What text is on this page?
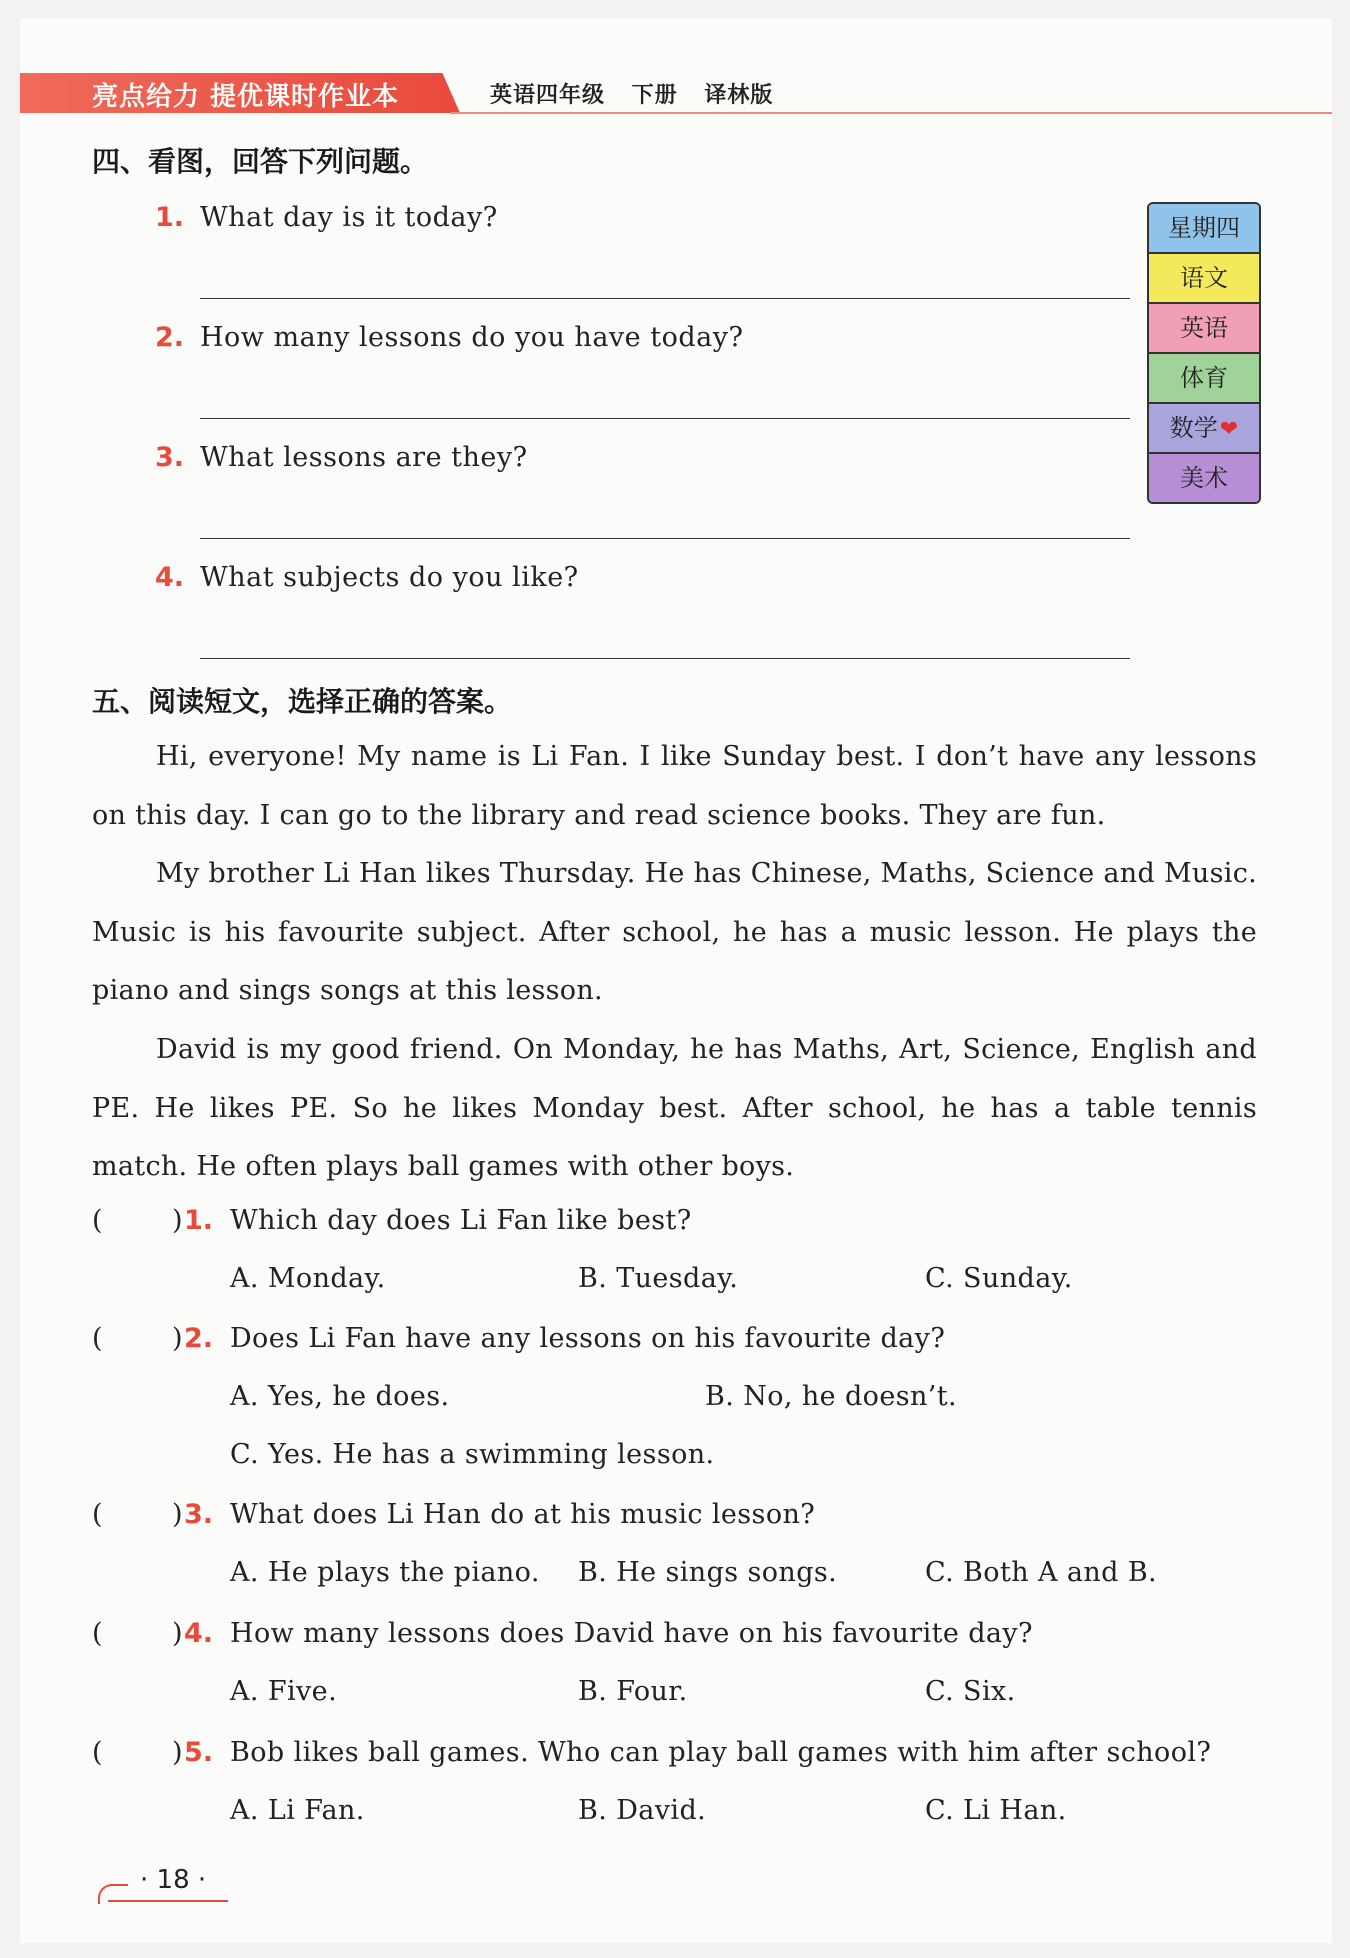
亮点给力 提优课时作业本	英语四年级 下册 译林版
四、看图，回答下列问题。
1. What day is it today?
2. How many lessons do you have today?
3. What lessons are they?
4. What subjects do you like?
星期四
语文
英语
体育
数学❤
美术
五、阅读短文，选择正确的答案。
Hi, everyone! My name is Li Fan. I like Sunday best. I don’t have any lessons on this day. I can go to the library and read science books. They are fun.
My brother Li Han likes Thursday. He has Chinese, Maths, Science and Music. Music is his favourite subject. After school, he has a music lesson. He plays the piano and sings songs at this lesson.
David is my good friend. On Monday, he has Maths, Art, Science, English and PE. He likes PE. So he likes Monday best. After school, he has a table tennis match. He often plays ball games with other boys.
(	) 1. Which day does Li Fan like best?
A. Monday.	B. Tuesday.	C. Sunday.
(	) 2. Does Li Fan have any lessons on his favourite day?
A. Yes, he does.	B. No, he doesn’t.
C. Yes. He has a swimming lesson.
(	) 3. What does Li Han do at his music lesson?
A. He plays the piano. B. He sings songs.	C. Both A and B.
(	) 4. How many lessons does David have on his favourite day?
A. Five.	B. Four.	C. Six.
(	) 5. Bob likes ball games. Who can play ball games with him after school?
A. Li Fan.	B. David.	C. Li Han.
· 18 ·
